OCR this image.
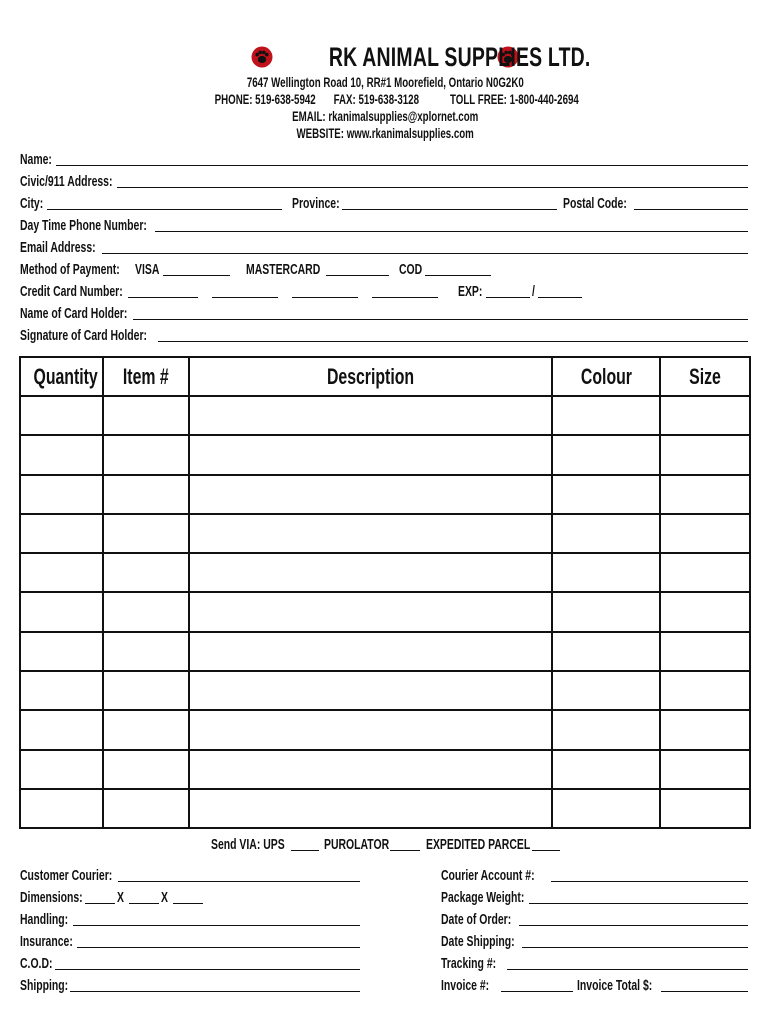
RK ANIMAL SUPPLIES LTD.
7647 Wellington Road 10, RR#1 Moorefield, Ontario N0G2K0
PHONE: 519-638-5942 FAX: 519-638-3128 TOLL FREE: 1-800-440-2694
EMAIL: rkanimalsupplies@xplornet.com
WEBSITE: www.rkanimalsupplies.com
Name:
Civic/911 Address:
City:	Province:	Postal Code:
Day Time Phone Number:
Email Address:
Method of Payment:	VISA	MASTERCARD	COD
Credit Card Number:	EXP:	/
Name of Card Holder:
Signature of Card Holder:
Quantity	Item #	Description	Colour	Size

Send VIA: UPS	PUROLATOR	EXPEDITED PARCEL
Customer Courier:
Dimensions: X	X
Handling:
Insurance:
C.O.D:
Shipping:
Courier Account #:
Package Weight:
Date of Order:
Date Shipping:
Tracking #:
Invoice #:	Invoice Total $:
